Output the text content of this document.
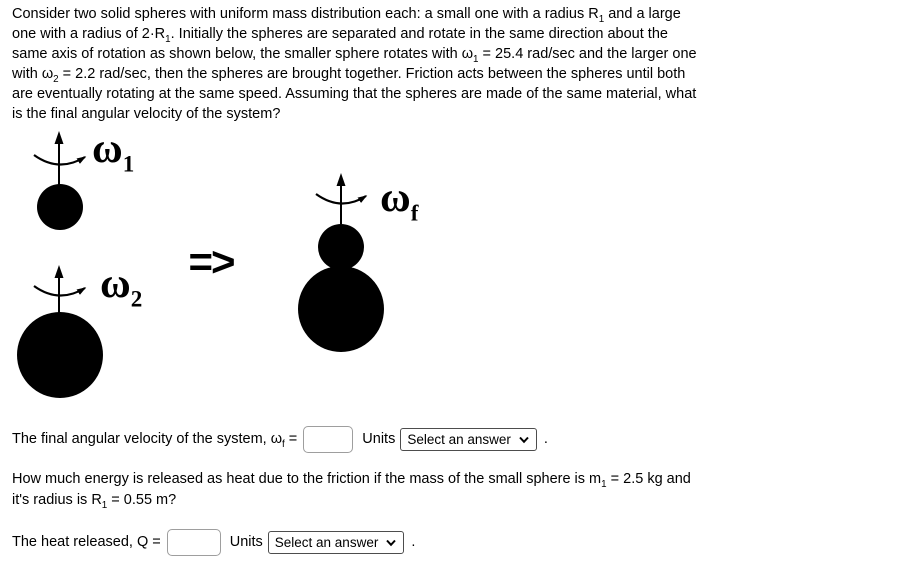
Consider two solid spheres with uniform mass distribution each: a small one with a radius $R_1$ and a large
one with a radius of $2\cdot R_1$. Initially the spheres are separated and rotate in the same direction about the
same axis of rotation as shown below, the smaller sphere rotates with $\omega_1 = 25.4$ rad/sec and the larger one
with $\omega_2 = 2.2$ rad/sec, then the spheres are brought together. Friction acts between the spheres until both
are eventually rotating at the same speed. Assuming that the spheres are made of the same material, what
is the final angular velocity of the system?
$\omega_1$
$\omega_2$
$\omega_f$
=>
The final angular velocity of the system, $\omega_f$ =	Units Select an answer .
How much energy is released as heat due to the friction if the mass of the small sphere is $m_1 = 2.5$ kg and
it's radius is $R_1 = 0.55$ m?
The heat released, Q =	Units Select an answer .
